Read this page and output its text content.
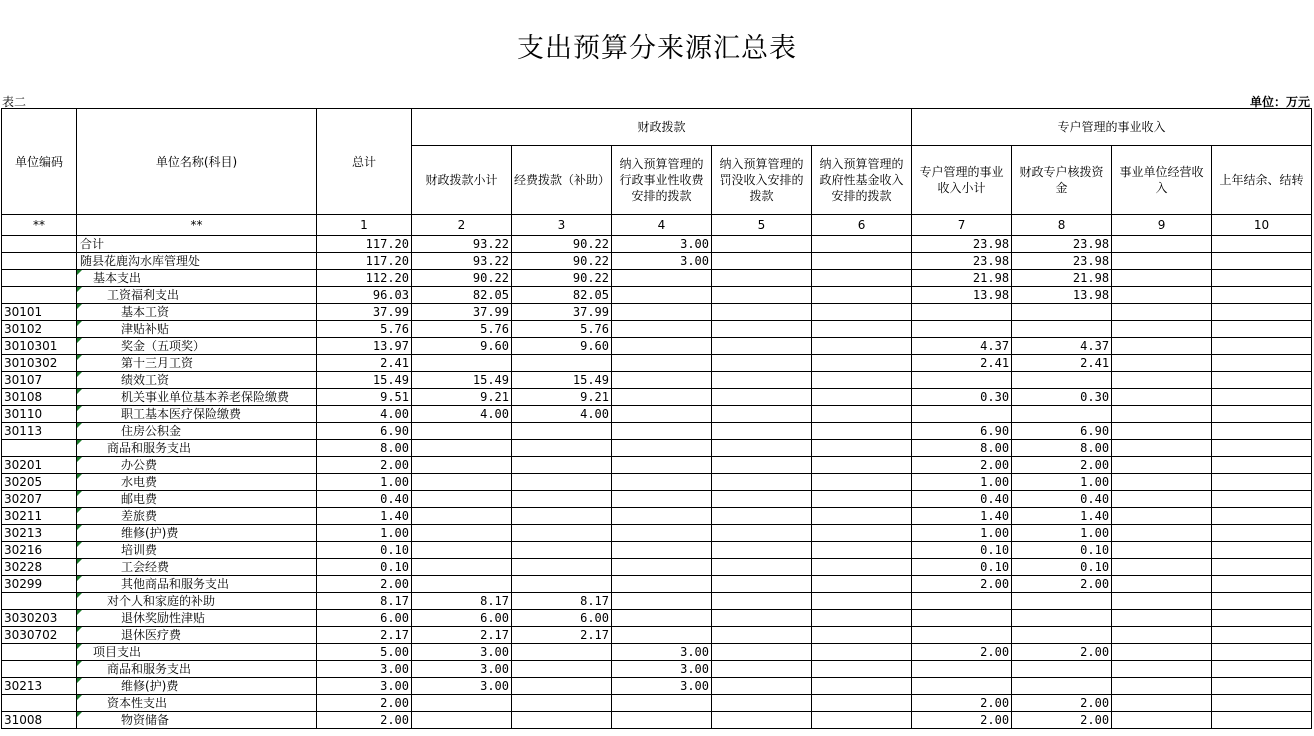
支出预算分来源汇总表
表二	单位：万元
单位编码	单位名称(科目)	总计	财政拨款					专户管理的事业收入			
			财政拨款小计	经费拨款（补助）	纳入预算管理的行政事业性收费安排的拨款	纳入预算管理的罚没收入安排的拨款	纳入预算管理的政府性基金收入安排的拨款	专户管理的事业收入小计	财政专户核拨资金	事业单位经营收入	上年结余、结转
**	**	1	2	3	4	5	6	7	8	9	10
	合计	117.20	93.22	90.22	3.00			23.98	23.98		
	随县花鹿沟水库管理处	117.20	93.22	90.22	3.00			23.98	23.98		
	基本支出	112.20	90.22	90.22				21.98	21.98		
	工资福利支出	96.03	82.05	82.05				13.98	13.98		
30101	基本工资	37.99	37.99	37.99							
30102	津贴补贴	5.76	5.76	5.76							
3010301	奖金（五项奖）	13.97	9.60	9.60				4.37	4.37		
3010302	第十三月工资	2.41						2.41	2.41		
30107	绩效工资	15.49	15.49	15.49							
30108	机关事业单位基本养老保险缴费	9.51	9.21	9.21				0.30	0.30		
30110	职工基本医疗保险缴费	4.00	4.00	4.00							
30113	住房公积金	6.90						6.90	6.90		
	商品和服务支出	8.00						8.00	8.00		
30201	办公费	2.00						2.00	2.00		
30205	水电费	1.00						1.00	1.00		
30207	邮电费	0.40						0.40	0.40		
30211	差旅费	1.40						1.40	1.40		
30213	维修(护)费	1.00						1.00	1.00		
30216	培训费	0.10						0.10	0.10		
30228	工会经费	0.10						0.10	0.10		
30299	其他商品和服务支出	2.00						2.00	2.00		
	对个人和家庭的补助	8.17	8.17	8.17							
3030203	退休奖励性津贴	6.00	6.00	6.00							
3030702	退休医疗费	2.17	2.17	2.17							
	项目支出	5.00	3.00		3.00			2.00	2.00		
	商品和服务支出	3.00	3.00		3.00						
30213	维修(护)费	3.00	3.00		3.00						
	资本性支出	2.00						2.00	2.00		
31008	物资储备	2.00						2.00	2.00		
